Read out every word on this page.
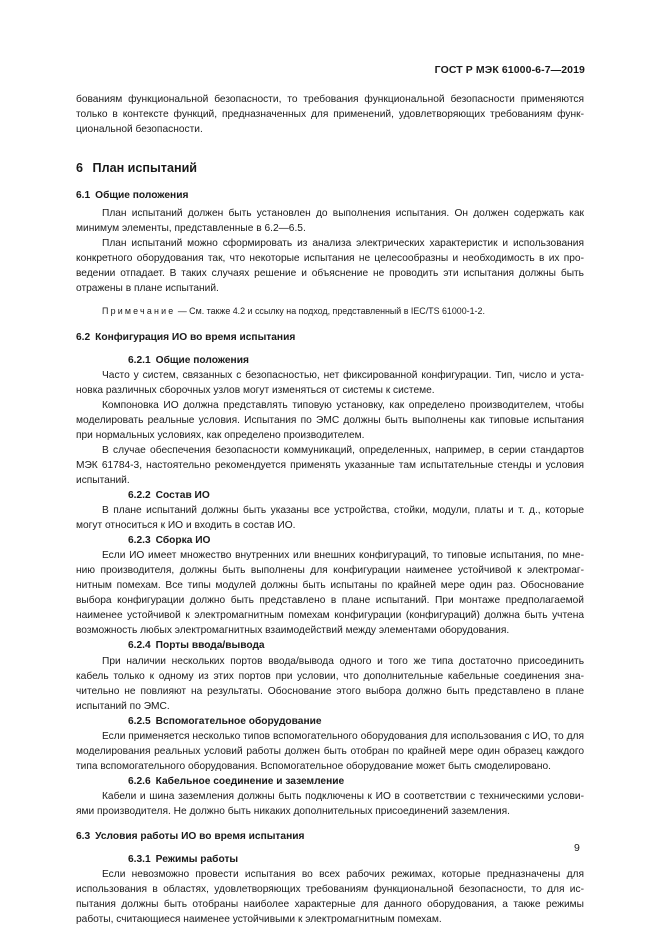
ГОСТ Р МЭК 61000-6-7—2019

бованиям функциональной безопасности, то требования функциональной безопасности применяются только в контексте функций, предназначенных для применений, удовлетворяющих требованиям функциональной безопасности.

6 План испытаний

6.1 Общие положения

План испытаний должен быть установлен до выполнения испытания. Он должен содержать как минимум элементы, представленные в 6.2—6.5.

План испытаний можно сформировать из анализа электрических характеристик и использования конкретного оборудования так, что некоторые испытания не целесообразны и необходимость в их проведении отпадает. В таких случаях решение и объяснение не проводить эти испытания должны быть отражены в плане испытаний.

Примечание — См. также 4.2 и ссылку на подход, представленный в IEC/TS 61000-1-2.

6.2 Конфигурация ИО во время испытания

6.2.1 Общие положения

Часто у систем, связанных с безопасностью, нет фиксированной конфигурации. Тип, число и установка различных сборочных узлов могут изменяться от системы к системе.

Компоновка ИО должна представлять типовую установку, как определено производителем, чтобы моделировать реальные условия. Испытания по ЭМС должны быть выполнены как типовые испытания при нормальных условиях, как определено производителем.

В случае обеспечения безопасности коммуникаций, определенных, например, в серии стандартов МЭК 61784-3, настоятельно рекомендуется применять указанные там испытательные стенды и условия испытаний.

6.2.2 Состав ИО

В плане испытаний должны быть указаны все устройства, стойки, модули, платы и т. д., которые могут относиться к ИО и входить в состав ИО.

6.2.3 Сборка ИО

Если ИО имеет множество внутренних или внешних конфигураций, то типовые испытания, по мнению производителя, должны быть выполнены для конфигурации наименее устойчивой к электромагнитным помехам. Все типы модулей должны быть испытаны по крайней мере один раз. Обоснование выбора конфигурации должно быть представлено в плане испытаний. При монтаже предполагаемой наименее устойчивой к электромагнитным помехам конфигурации (конфигураций) должна быть учтена возможность любых электромагнитных взаимодействий между элементами оборудования.

6.2.4 Порты ввода/вывода

При наличии нескольких портов ввода/вывода одного и того же типа достаточно присоединить кабель только к одному из этих портов при условии, что дополнительные кабельные соединения значительно не повлияют на результаты. Обоснование этого выбора должно быть представлено в плане испытаний по ЭМС.

6.2.5 Вспомогательное оборудование

Если применяется несколько типов вспомогательного оборудования для использования с ИО, то для моделирования реальных условий работы должен быть отобран по крайней мере один образец каждого типа вспомогательного оборудования. Вспомогательное оборудование может быть смоделировано.

6.2.6 Кабельное соединение и заземление

Кабели и шина заземления должны быть подключены к ИО в соответствии с техническими условиями производителя. Не должно быть никаких дополнительных присоединений заземления.

6.3 Условия работы ИО во время испытания

6.3.1 Режимы работы

Если невозможно провести испытания во всех рабочих режимах, которые предназначены для использования в областях, удовлетворяющих требованиям функциональной безопасности, то для испытания должны быть отобраны наиболее характерные для данного оборудования, а также режимы работы, считающиеся наименее устойчивыми к электромагнитным помехам.

9
